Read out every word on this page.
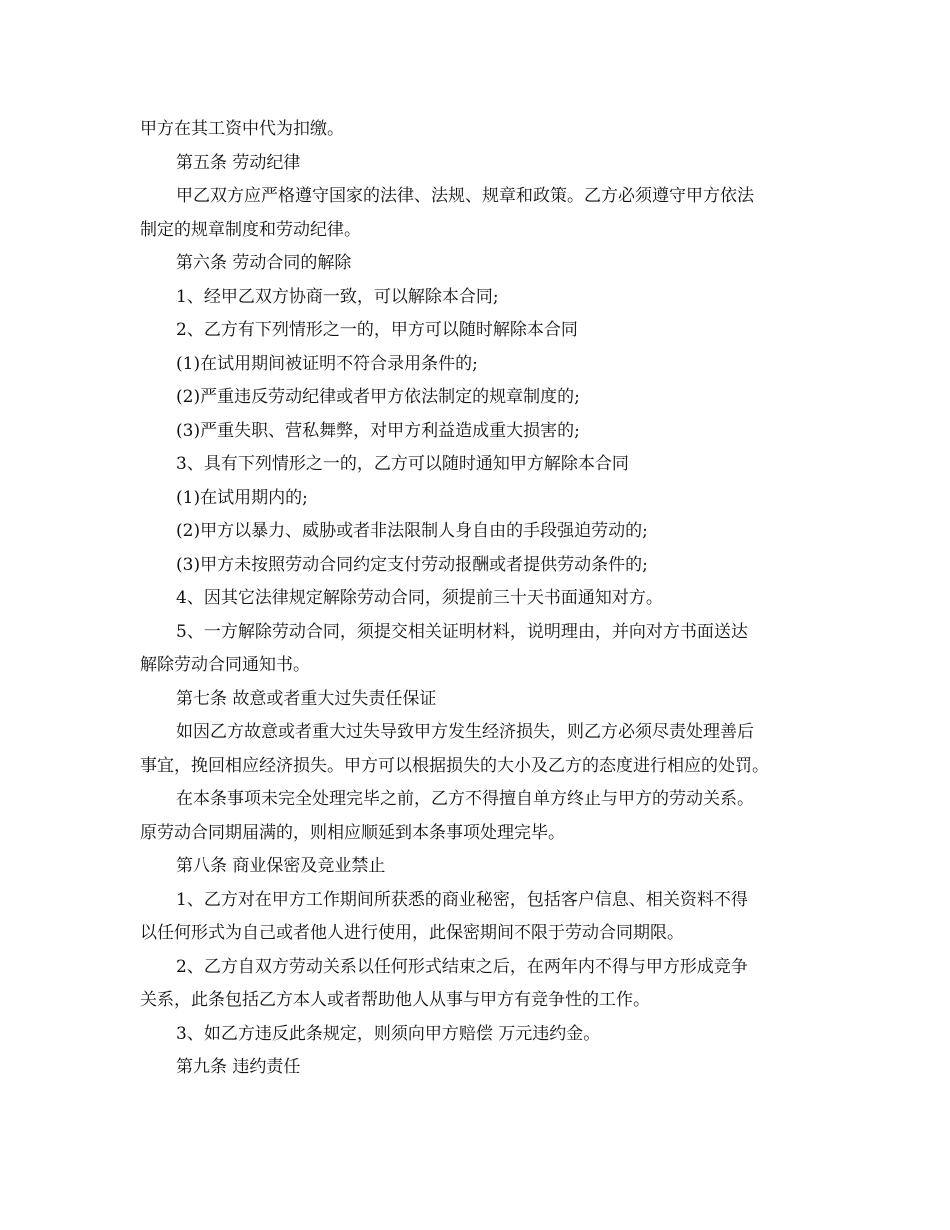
甲方在其工资中代为扣缴。
第五条 劳动纪律
甲乙双方应严格遵守国家的法律、法规、规章和政策。乙方必须遵守甲方依法
制定的规章制度和劳动纪律。
第六条 劳动合同的解除
1、经甲乙双方协商一致，可以解除本合同;
2、乙方有下列情形之一的，甲方可以随时解除本合同
(1)在试用期间被证明不符合录用条件的;
(2)严重违反劳动纪律或者甲方依法制定的规章制度的;
(3)严重失职、营私舞弊，对甲方利益造成重大损害的;
3、具有下列情形之一的，乙方可以随时通知甲方解除本合同
(1)在试用期内的;
(2)甲方以暴力、威胁或者非法限制人身自由的手段强迫劳动的;
(3)甲方未按照劳动合同约定支付劳动报酬或者提供劳动条件的;
4、因其它法律规定解除劳动合同，须提前三十天书面通知对方。
5、一方解除劳动合同，须提交相关证明材料，说明理由，并向对方书面送达
解除劳动合同通知书。
第七条 故意或者重大过失责任保证
如因乙方故意或者重大过失导致甲方发生经济损失，则乙方必须尽责处理善后
事宜，挽回相应经济损失。甲方可以根据损失的大小及乙方的态度进行相应的处罚。
在本条事项未完全处理完毕之前，乙方不得擅自单方终止与甲方的劳动关系。
原劳动合同期届满的，则相应顺延到本条事项处理完毕。
第八条 商业保密及竞业禁止
1、乙方对在甲方工作期间所获悉的商业秘密，包括客户信息、相关资料不得
以任何形式为自己或者他人进行使用，此保密期间不限于劳动合同期限。
2、乙方自双方劳动关系以任何形式结束之后，在两年内不得与甲方形成竞争
关系，此条包括乙方本人或者帮助他人从事与甲方有竞争性的工作。
3、如乙方违反此条规定，则须向甲方赔偿 万元违约金。
第九条 违约责任
